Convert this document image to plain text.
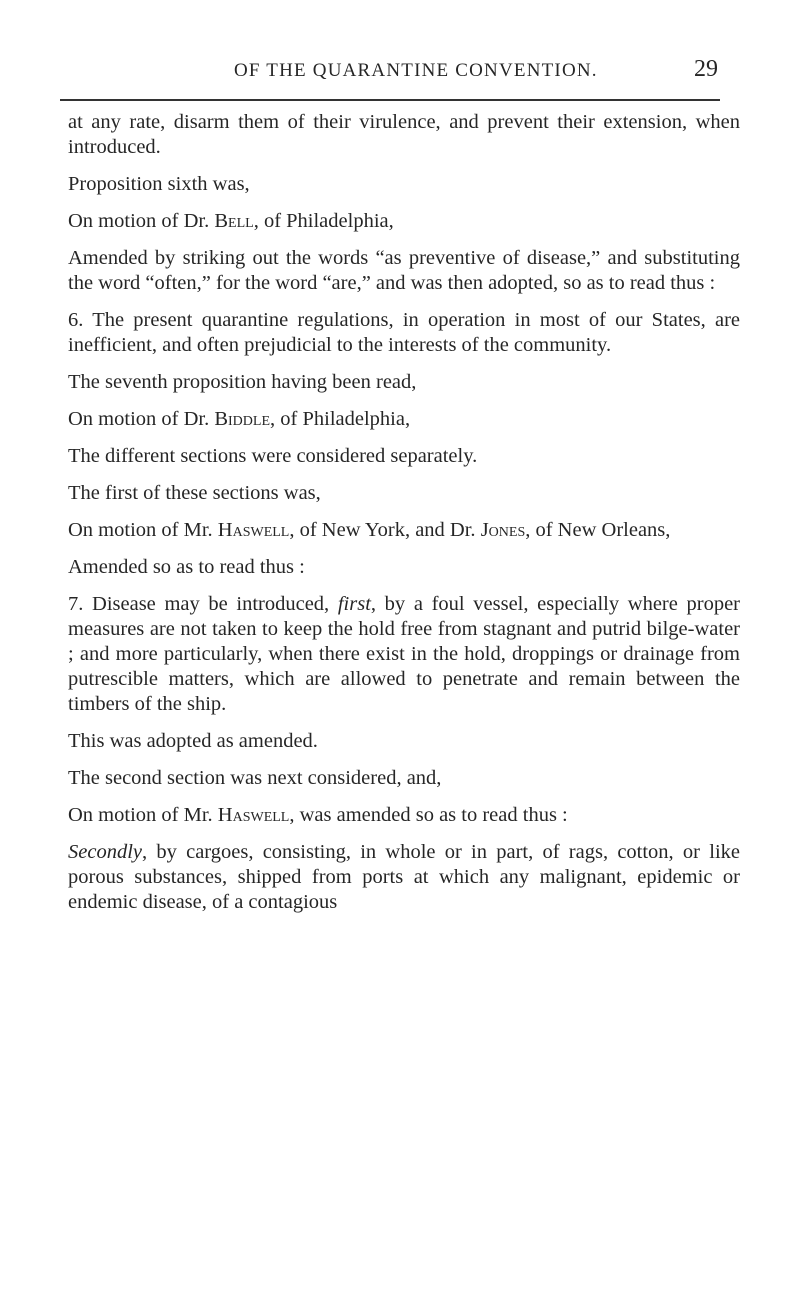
OF THE QUARANTINE CONVENTION.	29

at any rate, disarm them of their virulence, and prevent their extension, when introduced.

Proposition sixth was,

On motion of Dr. Bell, of Philadelphia,

Amended by striking out the words “as preventive of disease,” and substituting the word “often,” for the word “are,” and was then adopted, so as to read thus :

6. The present quarantine regulations, in operation in most of our States, are inefficient, and often prejudicial to the interests of the community.

The seventh proposition having been read,

On motion of Dr. Biddle, of Philadelphia,

The different sections were considered separately.

The first of these sections was,

On motion of Mr. Haswell, of New York, and Dr. Jones, of New Orleans,

Amended so as to read thus :

7. Disease may be introduced, first, by a foul vessel, especially where proper measures are not taken to keep the hold free from stagnant and putrid bilge-water ; and more particularly, when there exist in the hold, droppings or drainage from putrescible matters, which are allowed to penetrate and remain between the timbers of the ship.

This was adopted as amended.

The second section was next considered, and,

On motion of Mr. Haswell, was amended so as to read thus :

Secondly, by cargoes, consisting, in whole or in part, of rags, cotton, or like porous substances, shipped from ports at which any malignant, epidemic or endemic disease, of a contagious
